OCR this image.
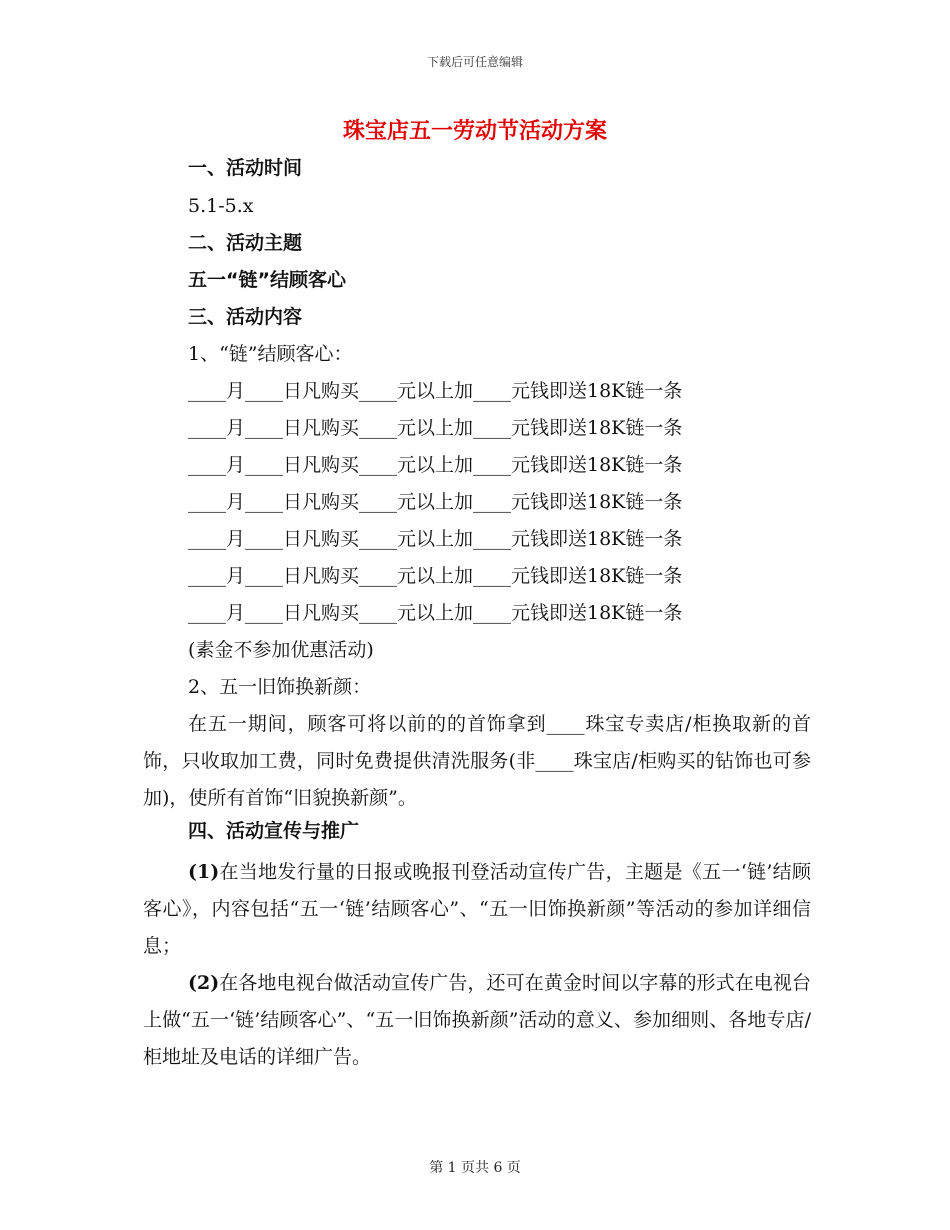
下载后可任意编辑
珠宝店五一劳动节活动方案
一、活动时间
5.1-5.x
二、活动主题
五一“链”结顾客心
三、活动内容
1、“链”结顾客心：
____月____日凡购买____元以上加____元钱即送18K链一条
____月____日凡购买____元以上加____元钱即送18K链一条
____月____日凡购买____元以上加____元钱即送18K链一条
____月____日凡购买____元以上加____元钱即送18K链一条
____月____日凡购买____元以上加____元钱即送18K链一条
____月____日凡购买____元以上加____元钱即送18K链一条
____月____日凡购买____元以上加____元钱即送18K链一条
(素金不参加优惠活动)
2、五一旧饰换新颜：
在五一期间，顾客可将以前的的首饰拿到____珠宝专卖店/柜换取新的首饰，只收取加工费，同时免费提供清洗服务(非____珠宝店/柜购买的钻饰也可参加)，使所有首饰“旧貌换新颜”。
四、活动宣传与推广
(1)在当地发行量的日报或晚报刊登活动宣传广告，主题是《五一‘链’结顾客心》，内容包括“五一‘链’结顾客心”、“五一旧饰换新颜”等活动的参加详细信息；
(2)在各地电视台做活动宣传广告，还可在黄金时间以字幕的形式在电视台上做“五一‘链’结顾客心”、“五一旧饰换新颜”活动的意义、参加细则、各地专店/柜地址及电话的详细广告。
第 1 页共 6 页
